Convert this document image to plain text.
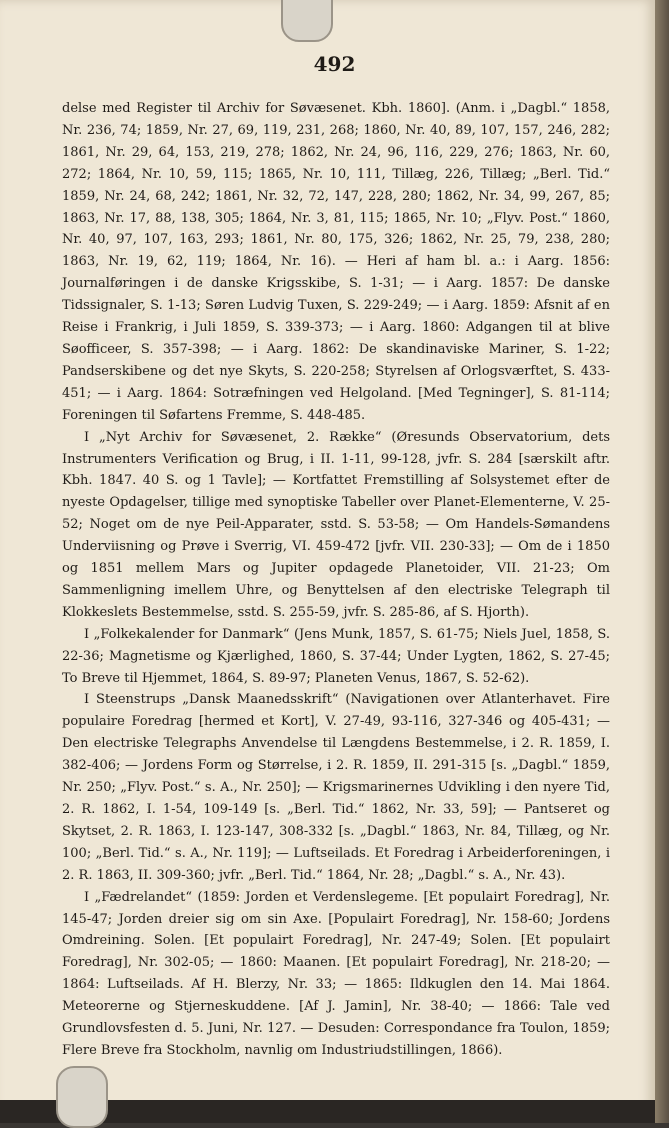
492

delse med Register til Archiv for Søvæsenet. Kbh. 1860]. (Anm. i „Dagbl.“ 1858, Nr. 236, 74; 1859, Nr. 27, 69, 119, 231, 268; 1860, Nr. 40, 89, 107, 157, 246, 282; 1861, Nr. 29, 64, 153, 219, 278; 1862, Nr. 24, 96, 116, 229, 276; 1863, Nr. 60, 272; 1864, Nr. 10, 59, 115; 1865, Nr. 10, 111, Tillæg, 226, Tillæg; „Berl. Tid.“ 1859, Nr. 24, 68, 242; 1861, Nr. 32, 72, 147, 228, 280; 1862, Nr. 34, 99, 267, 85; 1863, Nr. 17, 88, 138, 305; 1864, Nr. 3, 81, 115; 1865, Nr. 10; „Flyv. Post.“ 1860, Nr. 40, 97, 107, 163, 293; 1861, Nr. 80, 175, 326; 1862, Nr. 25, 79, 238, 280; 1863, Nr. 19, 62, 119; 1864, Nr. 16). — Heri af ham bl. a.: i Aarg. 1856: Journalføringen i de danske Krigsskibe, S. 1-31; — i Aarg. 1857: De danske Tidssignaler, S. 1-13; Søren Ludvig Tuxen, S. 229-249; — i Aarg. 1859: Afsnit af en Reise i Frankrig, i Juli 1859, S. 339-373; — i Aarg. 1860: Adgangen til at blive Søofficeer, S. 357-398; — i Aarg. 1862: De skandinaviske Mariner, S. 1-22; Pandserskibene og det nye Skyts, S. 220-258; Styrelsen af Orlogsværftet, S. 433-451; — i Aarg. 1864: Sotræfningen ved Helgoland. [Med Tegninger], S. 81-114; Foreningen til Søfartens Fremme, S. 448-485.

I „Nyt Archiv for Søvæsenet, 2. Række“ (Øresunds Observatorium, dets Instrumenters Verification og Brug, i II. 1-11, 99-128, jvfr. S. 284 [særskilt aftr. Kbh. 1847. 40 S. og 1 Tavle]; — Kortfattet Fremstilling af Solsystemet efter de nyeste Opdagelser, tillige med synoptiske Tabeller over Planet-Elementerne, V. 25-52; Noget om de nye Peil-Apparater, sstd. S. 53-58; — Om Handels-Sømandens Underviisning og Prøve i Sverrig, VI. 459-472 [jvfr. VII. 230-33]; — Om de i 1850 og 1851 mellem Mars og Jupiter opdagede Planetoider, VII. 21-23; Om Sammenligning imellem Uhre, og Benyttelsen af den electriske Telegraph til Klokkeslets Bestemmelse, sstd. S. 255-59, jvfr. S. 285-86, af S. Hjorth).

I „Folkekalender for Danmark“ (Jens Munk, 1857, S. 61-75; Niels Juel, 1858, S. 22-36; Magnetisme og Kjærlighed, 1860, S. 37-44; Under Lygten, 1862, S. 27-45; To Breve til Hjemmet, 1864, S. 89-97; Planeten Venus, 1867, S. 52-62).

I Steenstrups „Dansk Maanedsskrift“ (Navigationen over Atlanterhavet. Fire populaire Foredrag [hermed et Kort], V. 27-49, 93-116, 327-346 og 405-431; — Den electriske Telegraphs Anvendelse til Længdens Bestemmelse, i 2. R. 1859, I. 382-406; — Jordens Form og Størrelse, i 2. R. 1859, II. 291-315 [s. „Dagbl.“ 1859, Nr. 250; „Flyv. Post.“ s. A., Nr. 250]; — Krigsmarinernes Udvikling i den nyere Tid, 2. R. 1862, I. 1-54, 109-149 [s. „Berl. Tid.“ 1862, Nr. 33, 59]; — Pantseret og Skytset, 2. R. 1863, I. 123-147, 308-332 [s. „Dagbl.“ 1863, Nr. 84, Tillæg, og Nr. 100; „Berl. Tid.“ s. A., Nr. 119]; — Luftseilads. Et Foredrag i Arbeiderforeningen, i 2. R. 1863, II. 309-360; jvfr. „Berl. Tid.“ 1864, Nr. 28; „Dagbl.“ s. A., Nr. 43).

I „Fædrelandet“ (1859: Jorden et Verdenslegeme. [Et populairt Foredrag], Nr. 145-47; Jorden dreier sig om sin Axe. [Populairt Foredrag], Nr. 158-60; Jordens Omdreining. Solen. [Et populairt Foredrag], Nr. 247-49; Solen. [Et populairt Foredrag], Nr. 302-05; — 1860: Maanen. [Et populairt Foredrag], Nr. 218-20; — 1864: Luftseilads. Af H. Blerzy, Nr. 33; — 1865: Ildkuglen den 14. Mai 1864. Meteorerne og Stjerneskuddene. [Af J. Jamin], Nr. 38-40; — 1866: Tale ved Grundlovsfesten d. 5. Juni, Nr. 127. — Desuden: Correspondance fra Toulon, 1859; Flere Breve fra Stockholm, navnlig om Industriudstillingen, 1866).
